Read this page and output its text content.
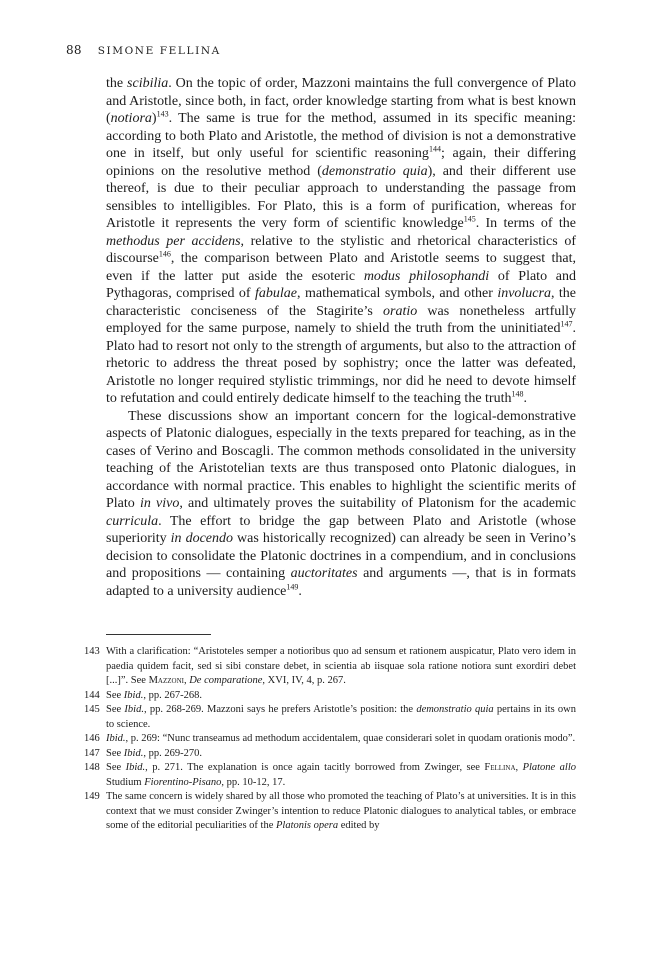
88 SIMONE FELLINA

the scibilia. On the topic of order, Mazzoni maintains the full convergence of Plato and Aristotle, since both, in fact, order knowledge starting from what is best known (notiora)$^{143}$. The same is true for the method, assumed in its specific meaning: according to both Plato and Aristotle, the method of division is not a demonstrative one in itself, but only useful for scientific reasoning$^{144}$; again, their differing opinions on the resolutive method (demonstratio quia), and their different use thereof, is due to their peculiar approach to understanding the passage from sensibles to intelligibles. For Plato, this is a form of purification, whereas for Aristotle it represents the very form of scientific knowledge$^{145}$. In terms of the methodus per accidens, relative to the stylistic and rhetorical characteristics of discourse$^{146}$, the comparison between Plato and Aristotle seems to suggest that, even if the latter put aside the esoteric modus philosophandi of Plato and Pythagoras, comprised of fabulae, mathematical symbols, and other involucra, the characteristic conciseness of the Stagirite’s oratio was nonetheless artfully employed for the same purpose, namely to shield the truth from the uninitiated$^{147}$. Plato had to resort not only to the strength of arguments, but also to the attraction of rhetoric to address the threat posed by sophistry; once the latter was defeated, Aristotle no longer required stylistic trimmings, nor did he need to devote himself to refutation and could entirely dedicate himself to the teaching the truth$^{148}$.

These discussions show an important concern for the logical-demonstrative aspects of Platonic dialogues, especially in the texts prepared for teaching, as in the cases of Verino and Boscagli. The common methods consolidated in the university teaching of the Aristotelian texts are thus transposed onto Platonic dialogues, in accordance with normal practice. This enables to highlight the scientific merits of Plato in vivo, and ultimately proves the suitability of Platonism for the academic curricula. The effort to bridge the gap between Plato and Aristotle (whose superiority in docendo was historically recognized) can already be seen in Verino’s decision to consolidate the Platonic doctrines in a compendium, and in conclusions and propositions — containing auctoritates and arguments —, that is in formats adapted to a university audience$^{149}$.

143 With a clarification: “Aristoteles semper a notioribus quo ad sensum et rationem auspicatur, Plato vero idem in paedia quidem facit, sed si sibi constare debet, in scientia ab iisquae sola ratione notiora sunt exordiri debet [...]”. See Mazzoni, De comparatione, XVI, IV, 4, p. 267.

144 See Ibid., pp. 267-268.

145 See Ibid., pp. 268-269. Mazzoni says he prefers Aristotle’s position: the demonstratio quia pertains in its own to science.

146 Ibid., p. 269: “Nunc transeamus ad methodum accidentalem, quae considerari solet in quodam orationis modo”.

147 See Ibid., pp. 269-270.

148 See Ibid., p. 271. The explanation is once again tacitly borrowed from Zwinger, see Fellina, Platone allo Studium Fiorentino-Pisano, pp. 10-12, 17.

149 The same concern is widely shared by all those who promoted the teaching of Plato’s at universities. It is in this context that we must consider Zwinger’s intention to reduce Platonic dialogues to analytical tables, or embrace some of the editorial peculiarities of the Platonis opera edited by
